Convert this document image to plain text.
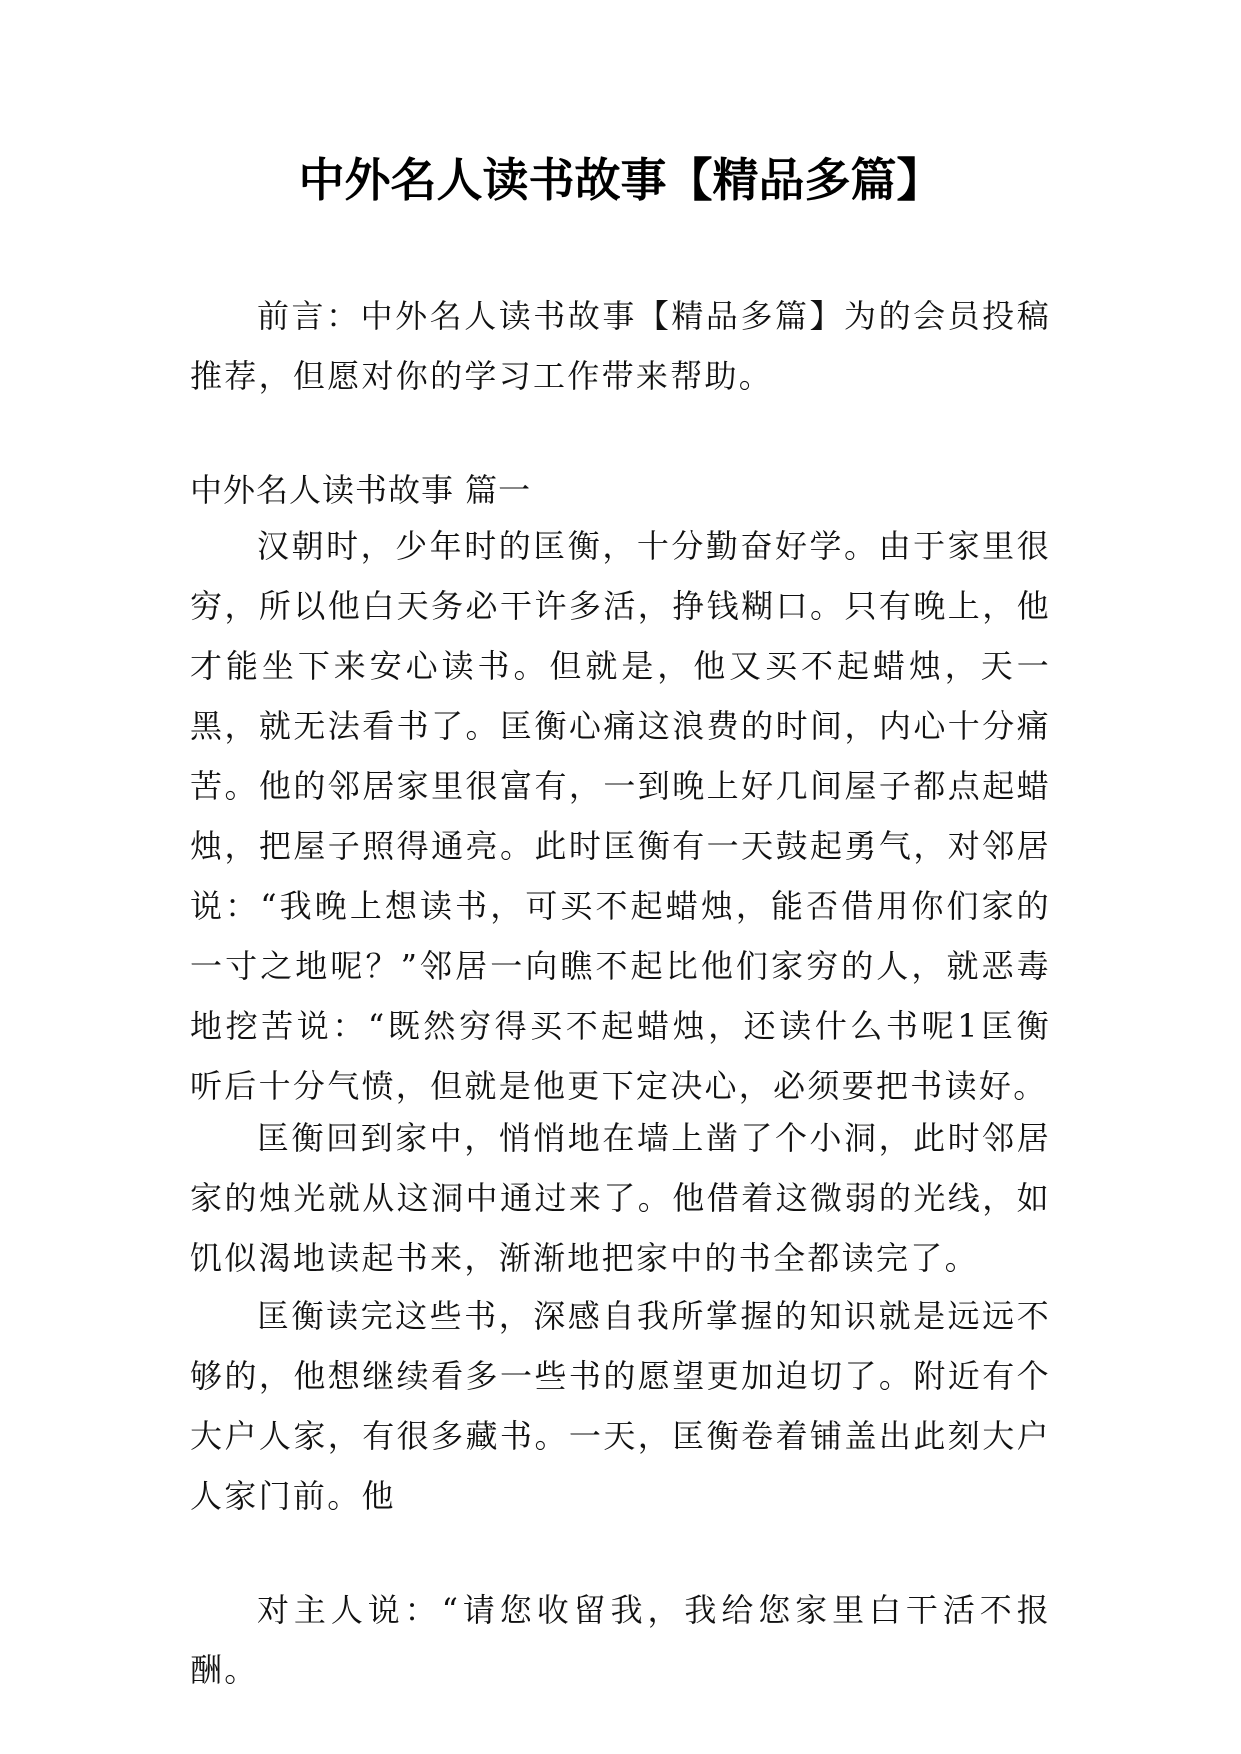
中外名人读书故事【精品多篇】

前言：中外名人读书故事【精品多篇】为的会员投稿推荐，但愿对你的学习工作带来帮助。

中外名人读书故事 篇一

汉朝时，少年时的匡衡，十分勤奋好学。由于家里很穷，所以他白天务必干许多活，挣钱糊口。只有晚上，他才能坐下来安心读书。但就是，他又买不起蜡烛，天一黑，就无法看书了。匡衡心痛这浪费的时间，内心十分痛苦。他的邻居家里很富有，一到晚上好几间屋子都点起蜡烛，把屋子照得通亮。此时匡衡有一天鼓起勇气，对邻居说：“我晚上想读书，可买不起蜡烛，能否借用你们家的一寸之地呢？”邻居一向瞧不起比他们家穷的人，就恶毒地挖苦说：“既然穷得买不起蜡烛，还读什么书呢1匡衡听后十分气愤，但就是他更下定决心，必须要把书读好。

匡衡回到家中，悄悄地在墙上凿了个小洞，此时邻居家的烛光就从这洞中通过来了。他借着这微弱的光线，如饥似渴地读起书来，渐渐地把家中的书全都读完了。

匡衡读完这些书，深感自我所掌握的知识就是远远不够的，他想继续看多一些书的愿望更加迫切了。附近有个大户人家，有很多藏书。一天，匡衡卷着铺盖出此刻大户人家门前。他

对主人说：“请您收留我，我给您家里白干活不报酬。
